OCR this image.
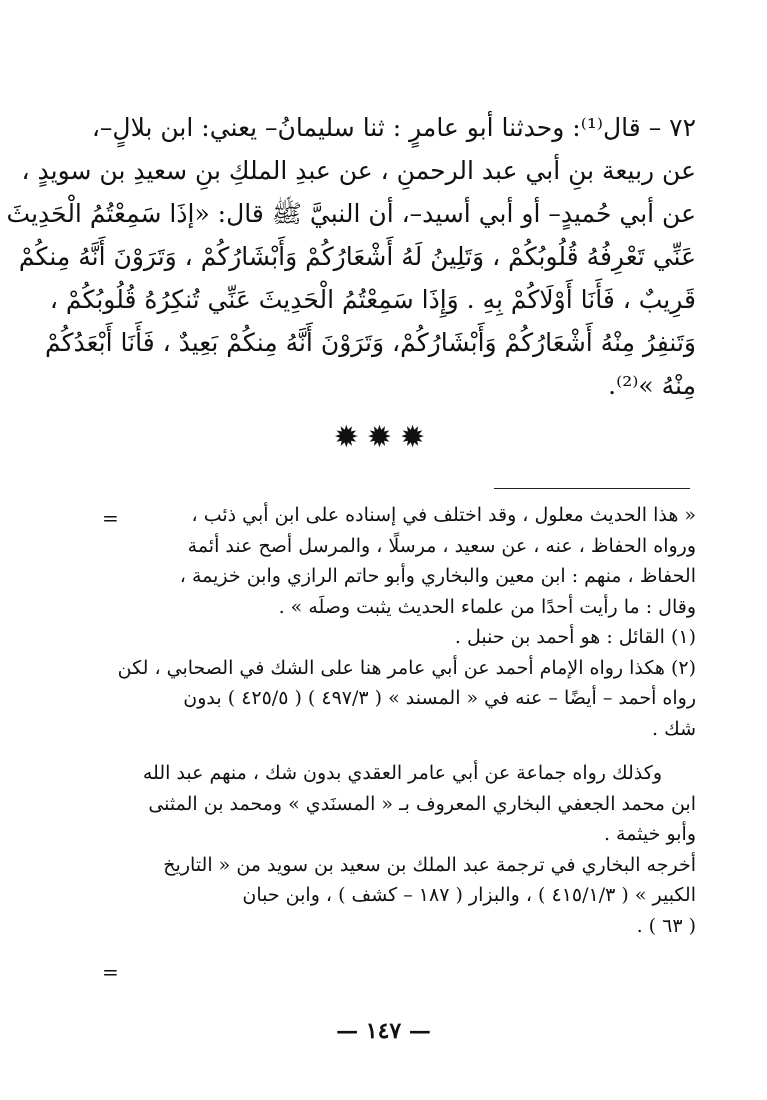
٧٢ – قال⁽¹⁾: وحدثنا أبو عامرٍ : ثنا سليمانُ– يعني: ابن بلالٍ–،
عن ربيعة بنِ أبي عبد الرحمنِ ، عن عبدِ الملكِ بنِ سعيدِ بن سويدٍ ،
عن أبي حُميدٍ– أو أبي أسيد–، أن النبيَّ ﷺ قال: «إذَا سَمِعْتُمُ الْحَدِيثَ
عَنِّي تَعْرِفُهُ قُلُوبُكُمْ ، وَتَلِينُ لَهُ أَشْعَارُكُمْ وَأَبْشَارُكُمْ ، وَتَرَوْنَ أَنَّهُ مِنكُمْ
قَرِيبٌ ، فَأَنَا أَوْلَاكُمْ بِهِ . وَإِذَا سَمِعْتُمُ الْحَدِيثَ عَنِّي تُنكِرُهُ قُلُوبُكُمْ ،
وَتَنفِرُ مِنْهُ أَشْعَارُكُمْ وَأَبْشَارُكُمْ، وَتَرَوْنَ أَنَّهُ مِنكُمْ بَعِيدٌ ، فَأَنَا أَبْعَدُكُمْ
مِنْهُ »⁽²⁾.
✹✹✹
=	« هذا الحديث معلول ، وقد اختلف في إسناده على ابن أبي ذئب ،
ورواه الحفاظ ، عنه ، عن سعيد ، مرسلًا ، والمرسل أصح عند أئمة
الحفاظ ، منهم : ابن معين والبخاري وأبو حاتم الرازي وابن خزيمة ،
وقال : ما رأيت أحدًا من علماء الحديث يثبت وصلَه » .
(١) القائل : هو أحمد بن حنبل .
(٢) هكذا رواه الإمام أحمد عن أبي عامر هنا على الشك في الصحابي ، لكن
رواه أحمد – أيضًا – عنه في « المسند » ( ٤٩٧/٣ ) ( ٤٢٥/٥ ) بدون
شك .
وكذلك رواه جماعة عن أبي عامر العقدي بدون شك ، منهم عبد الله
ابن محمد الجعفي البخاري المعروف بـ « المسنَدي » ومحمد بن المثنى
وأبو خيثمة .
أخرجه البخاري في ترجمة عبد الملك بن سعيد بن سويد من « التاريخ
الكبير » ( ٤١٥/١/٣ ) ، والبزار ( ١٨٧ – كشف ) ، وابن حبان
( ٦٣ ) .
=
— ١٤٧ —
